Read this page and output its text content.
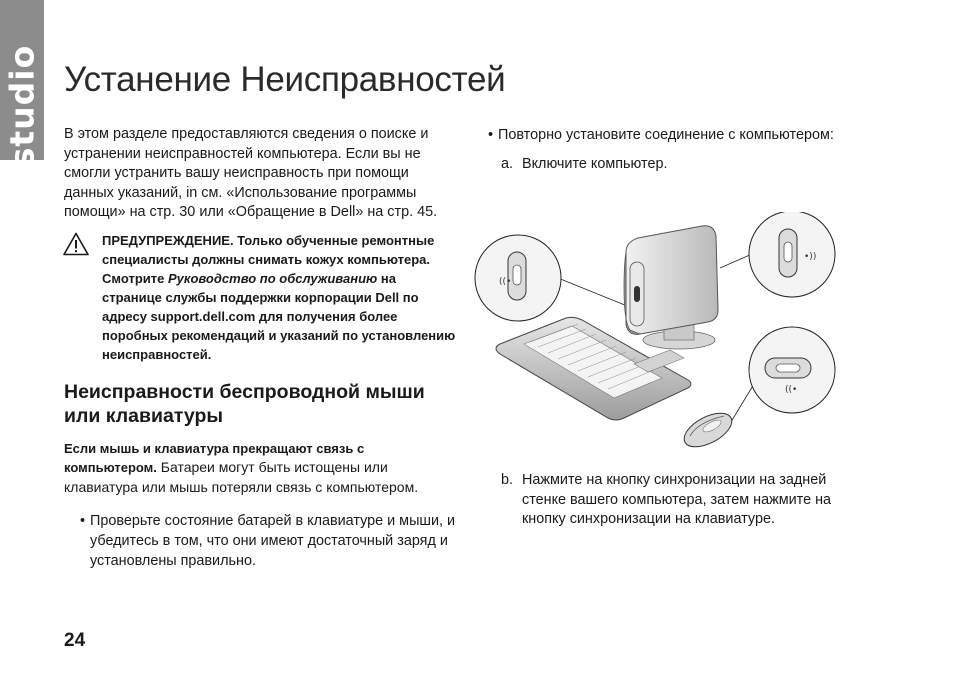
studio Устанение Неисправностей

В этом разделе предоставляются сведения о поиске и устранении неисправностей компьютера. Если вы не смогли устранить вашу неисправность при помощи данных указаний, in см. «Использование программы помощи» на стр. 30 или «Обращение в Dell» на стр. 45.

ПРЕДУПРЕЖДЕНИЕ. Только обученные ремонтные специалисты должны снимать кожух компьютера. Смотрите Руководство по обслуживанию на странице службы поддержки корпорации Dell по адресу support.dell.com для получения более поробных рекомендаций и указаний по установлению неисправностей.
Неисправности беспроводной мыши или клавиатуры

Если мышь и клавиатура прекращают связь с компьютером. Батареи могут быть истощены или клавиатура или мышь потеряли связь с компьютером.

• Проверьте состояние батарей в клавиатуре и мыши, и убедитесь в том, что они имеют достаточный заряд и установлены правильно.
• Повторно установите соединение с компьютером:
a. Включите компьютер.
((•
•))
((•
b. Нажмите на кнопку синхронизации на задней стенке вашего компьютера, затем нажмите на кнопку синхронизации на клавиатуре.

24
